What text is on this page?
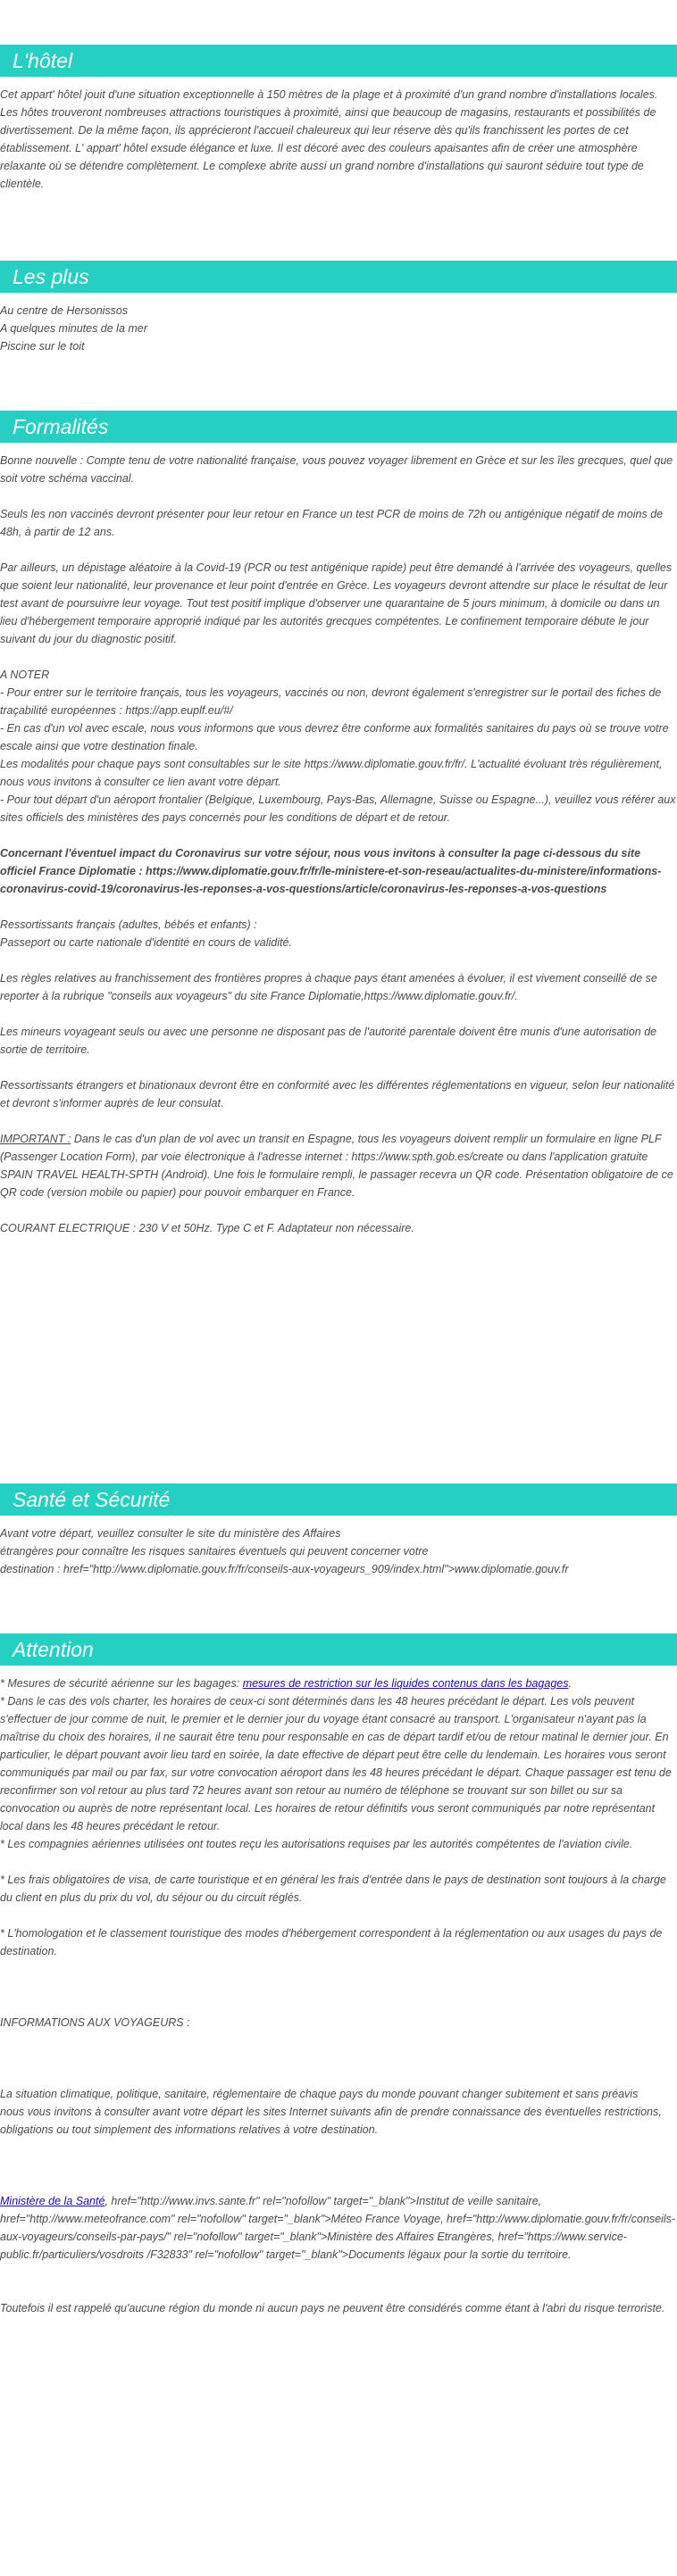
L'hôtel

Cet appart' hôtel jouit d'une situation exceptionnelle à 150 mètres de la plage et à proximité d'un grand nombre d'installations locales. Les hôtes trouveront nombreuses attractions touristiques à proximité, ainsi que beaucoup de magasins, restaurants et possibilités de divertissement. De la même façon, ils apprécieront l'accueil chaleureux qui leur réserve dès qu'ils franchissent les portes de cet établissement. L' appart' hôtel exsude élégance et luxe. Il est décoré avec des couleurs apaisantes afin de créer une atmosphère relaxante où se détendre complètement. Le complexe abrite aussi un grand nombre d'installations qui sauront séduire tout type de clientèle.

Les plus

Au centre de Hersonissos

A quelques minutes de la mer

Piscine sur le toit

Formalités

Bonne nouvelle : Compte tenu de votre nationalité française, vous pouvez voyager librement en Grèce et sur les îles grecques, quel que soit votre schéma vaccinal.

Seuls les non vaccinés devront présenter pour leur retour en France un test PCR de moins de 72h ou antigénique négatif de moins de 48h, à partir de 12 ans.

Par ailleurs, un dépistage aléatoire à la Covid-19 (PCR ou test antigénique rapide) peut être demandé à l'arrivée des voyageurs, quelles que soient leur nationalité, leur provenance et leur point d'entrée en Grèce. Les voyageurs devront attendre sur place le résultat de leur test avant de poursuivre leur voyage. Tout test positif implique d'observer une quarantaine de 5 jours minimum, à domicile ou dans un lieu d'hébergement temporaire approprié indiqué par les autorités grecques compétentes. Le confinement temporaire débute le jour suivant du jour du diagnostic positif.

A NOTER

- Pour entrer sur le territoire français, tous les voyageurs, vaccinés ou non, devront également s'enregistrer sur le portail des fiches de traçabilité européennes : https://app.euplf.eu/#/

- En cas d'un vol avec escale, nous vous informons que vous devrez être conforme aux formalités sanitaires du pays où se trouve votre escale ainsi que votre destination finale.

Les modalités pour chaque pays sont consultables sur le site https://www.diplomatie.gouv.fr/fr/. L'actualité évoluant très régulièrement, nous vous invitons à consulter ce lien avant votre départ.

- Pour tout départ d'un aéroport frontalier (Belgique, Luxembourg, Pays-Bas, Allemagne, Suisse ou Espagne...), veuillez vous référer aux sites officiels des ministères des pays concernés pour les conditions de départ et de retour.

Concernant l'éventuel impact du Coronavirus sur votre séjour, nous vous invitons à consulter la page ci-dessous du site officiel France Diplomatie : https://www.diplomatie.gouv.fr/fr/le-ministere-et-son-reseau/actualites-du-ministere/informations-coronavirus-covid-19/coronavirus-les-reponses-a-vos-questions/article/coronavirus-les-reponses-a-vos-questions

Ressortissants français (adultes, bébés et enfants) :

Passeport ou carte nationale d'identité en cours de validité.

Les règles relatives au franchissement des frontières propres à chaque pays étant amenées à évoluer, il est vivement conseillé de se reporter à la rubrique "conseils aux voyageurs" du site France Diplomatie,https://www.diplomatie.gouv.fr/.

Les mineurs voyageant seuls ou avec une personne ne disposant pas de l'autorité parentale doivent être munis d'une autorisation de sortie de territoire.

Ressortissants étrangers et binationaux devront être en conformité avec les différentes réglementations en vigueur, selon leur nationalité et devront s'informer auprès de leur consulat.

IMPORTANT : Dans le cas d'un plan de vol avec un transit en Espagne, tous les voyageurs doivent remplir un formulaire en ligne PLF (Passenger Location Form), par voie électronique à l'adresse internet : https://www.spth.gob.es/create ou dans l'application gratuite SPAIN TRAVEL HEALTH-SPTH (Android). Une fois le formulaire rempli, le passager recevra un QR code. Présentation obligatoire de ce QR code (version mobile ou papier) pour pouvoir embarquer en France.

COURANT ELECTRIQUE : 230 V et 50Hz. Type C et F. Adaptateur non nécessaire.

Santé et Sécurité

Avant votre départ, veuillez consulter le site du ministère des Affaires

étrangères pour connaître les risques sanitaires éventuels qui peuvent concerner votre

destination : href="http://www.diplomatie.gouv.fr/fr/conseils-aux-voyageurs_909/index.html">www.diplomatie.gouv.fr

Attention

* Mesures de sécurité aérienne sur les bagages: mesures de restriction sur les liquides contenus dans les bagages.

* Dans le cas des vols charter, les horaires de ceux-ci sont déterminés dans les 48 heures précédant le départ. Les vols peuvent s'effectuer de jour comme de nuit, le premier et le dernier jour du voyage étant consacré au transport. L'organisateur n'ayant pas la maîtrise du choix des horaires, il ne saurait être tenu pour responsable en cas de départ tardif et/ou de retour matinal le dernier jour. En particulier, le départ pouvant avoir lieu tard en soirée, la date effective de départ peut être celle du lendemain. Les horaires vous seront communiqués par mail ou par fax, sur votre convocation aéroport dans les 48 heures précédant le départ. Chaque passager est tenu de reconfirmer son vol retour au plus tard 72 heures avant son retour au numéro de téléphone se trouvant sur son billet ou sur sa convocation ou auprès de notre représentant local. Les horaires de retour définitifs vous seront communiqués par notre représentant local dans les 48 heures précédant le retour.

* Les compagnies aériennes utilisées ont toutes reçu les autorisations requises par les autorités compétentes de l'aviation civile.

* Les frais obligatoires de visa, de carte touristique et en général les frais d'entrée dans le pays de destination sont toujours à la charge du client en plus du prix du vol, du séjour ou du circuit réglés.

* L'homologation et le classement touristique des modes d'hébergement correspondent à la réglementation ou aux usages du pays de destination.

INFORMATIONS AUX VOYAGEURS :

La situation climatique, politique, sanitaire, réglementaire de chaque pays du monde pouvant changer subitement et sans préavis

nous vous invitons à consulter avant votre départ les sites Internet suivants afin de prendre connaissance des éventuelles restrictions, obligations ou tout simplement des informations relatives à votre destination.

Ministère de la Santé, href="http://www.invs.sante.fr" rel="nofollow" target="_blank">Institut de veille sanitaire, href="http://www.meteofrance.com" rel="nofollow" target="_blank">Méteo France Voyage, href="http://www.diplomatie.gouv.fr/fr/conseils-aux-voyageurs/conseils-par-pays/" rel="nofollow" target="_blank">Ministère des Affaires Etrangères, href="https://www.service-public.fr/particuliers/vosdroits /F32833" rel="nofollow" target="_blank">Documents légaux pour la sortie du territoire.

Toutefois il est rappelé qu'aucune région du monde ni aucun pays ne peuvent être considérés comme étant à l'abri du risque terroriste.
